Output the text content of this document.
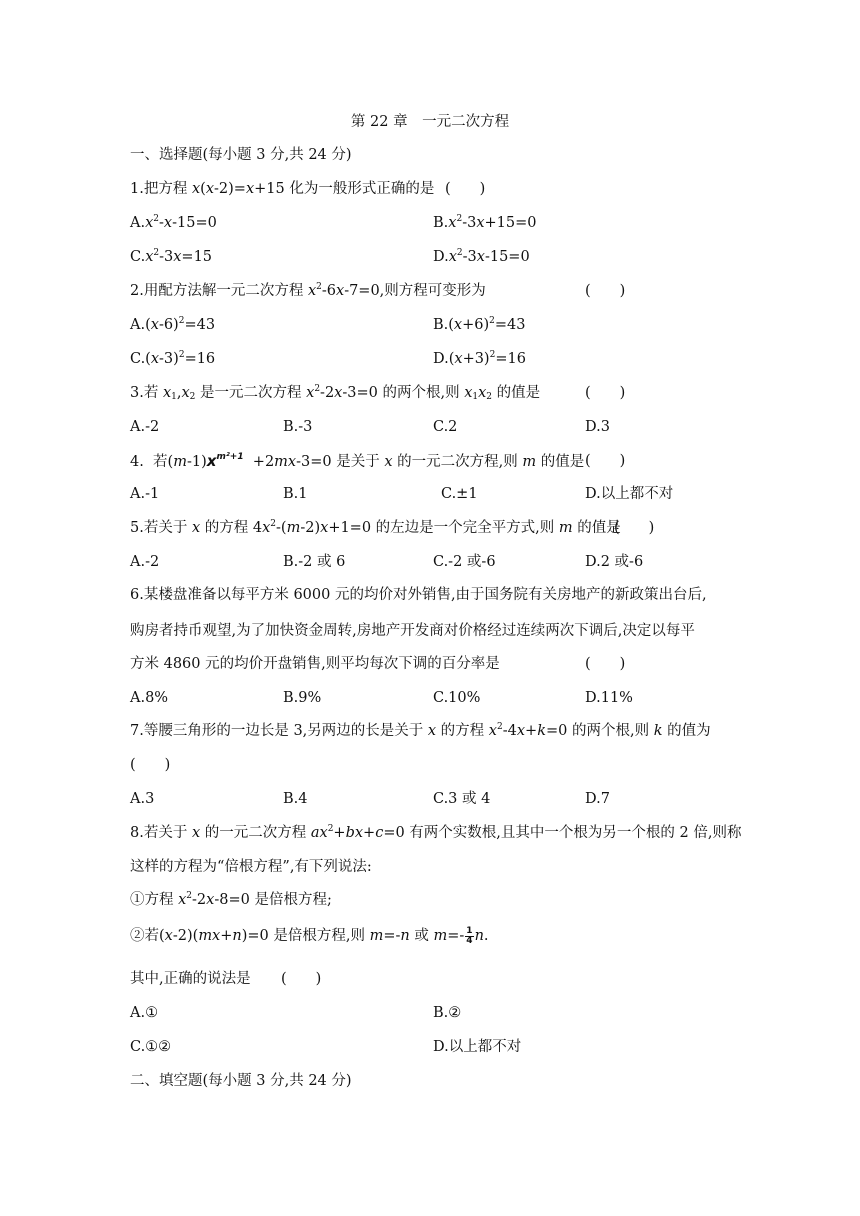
第 22 章　一元二次方程
一、选择题(每小题 3 分,共 24 分)
1.把方程 x(x-2)=x+15 化为一般形式正确的是 (　　)
$A.x^2-x-15=0$	$B.x^2-3x+15=0$
$C.x^2-3x=15$	$D.x^2-3x-15=0$
2.用配方法解一元二次方程 $x^2-6x-7=0$,则方程可变形为	(　　)
$A.(x-6)^2=43$	$B.(x+6)^2=43$
$C.(x-3)^2=16$	$D.(x+3)^2=16$
3.若 $x_1,x_2$ 是一元二次方程 $x^2-2x-3=0$ 的两个根,则 $x_1x_2$ 的值是	(　　)
A.-2	B.-3	C.2	D.3
4.  若$(m-1)x^{m^2+1} +2mx-3=0$ 是关于 x 的一元二次方程,则 m 的值是 (　　)
A.-1	B.1	C.±1	D.以上都不对
5.若关于 x 的方程 $4x^2-(m-2)x+1=0$ 的左边是一个完全平方式,则 m 的值是
(　　)
A.-2	B.-2 或 6	C.-2 或-6	D.2 或-6
6.某楼盘准备以每平方米 6000 元的均价对外销售,由于国务院有关房地产的新政策出台后,
购房者持币观望,为了加快资金周转,房地产开发商对价格经过连续两次下调后,决定以每平
方米 4860 元的均价开盘销售,则平均每次下调的百分率是	(　　)
A.8%	B.9%	C.10%	D.11%
7.等腰三角形的一边长是 3,另两边的长是关于 x 的方程 $x^2-4x+k=0$ 的两个根,则 k 的值为
(　　)
A.3	B.4	C.3 或 4	D.7
8.若关于 x 的一元二次方程 $ax^2+bx+c=0$ 有两个实数根,且其中一个根为另一个根的 2 倍,则称
这样的方程为“倍根方程”,有下列说法:
①方程 $x^2-2x-8=0$ 是倍根方程;
②若(x-2)(mx+n)=0 是倍根方程,则 m=-n 或 $m=- \frac{1}{4} n$.
其中,正确的说法是 (　　)
A.①	B.②
C.①②	D.以上都不对
二、填空题(每小题 3 分,共 24 分)
